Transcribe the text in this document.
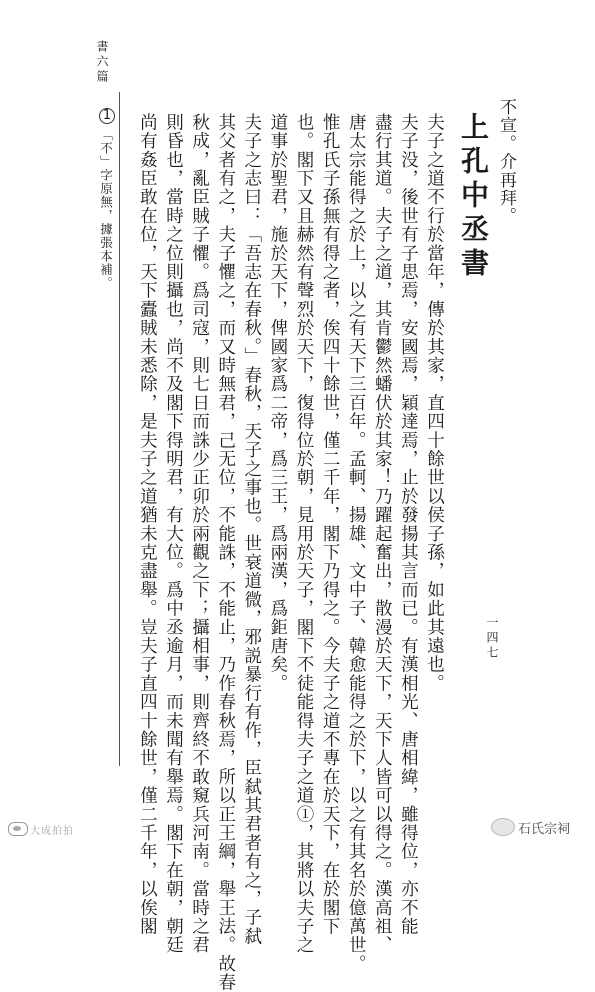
書六篇
一四七
不宣。介再拜。
上孔中丞書
夫子之道不行於當年，傳於其家，直四十餘世以侯子孫，如此其遠也。
夫子没，後世有子思焉，安國焉，穎達焉，止於發揚其言而已。有漢相光、唐相緯，雖得位，亦不能
盡行其道。夫子之道，其肯鬱然蟠伏於其家！乃躍起奮出，散漫於天下，天下人皆可以得之。漢高祖、
唐太宗能得之於上，以之有天下三百年。孟軻、揚雄、文中子、韓愈能得之於下，以之有其名於億萬世。
惟孔氏子孫無有得之者，俟四十餘世，僅二千年，閣下乃得之。今夫子之道不專在於天下，在於閣下
也。閣下又且赫然有聲烈於天下，復得位於朝，見用於天子，閣下不徒能得夫子之道①，其將以夫子之
道事於聖君，施於天下，俾國家爲二帝，爲三王，爲兩漢，爲鉅唐矣。
夫子之志曰：「吾志在春秋。」春秋，天子之事也。世衰道微，邪説暴行有作，臣弑其君者有之，子弑
其父者有之，夫子懼之，而又時無君，己无位，不能誅，不能止，乃作春秋焉，所以正王綱，舉王法。故春
秋成，亂臣賊子懼。爲司寇，則七日而誅少正卯於兩觀之下；攝相事，則齊終不敢窺兵河南。當時之君
則昏也，當時之位則攝也，尚不及閣下得明君，有大位。爲中丞逾月，而未聞有舉焉。閣下在朝，朝廷
尚有姦臣敢在位，天下蠹賊未悉除，是夫子之道猶未克盡舉。豈夫子直四十餘世，僅二千年，以俟閣
1
「不」字原無，據張本補。
大成拍拍	石氏宗祠
